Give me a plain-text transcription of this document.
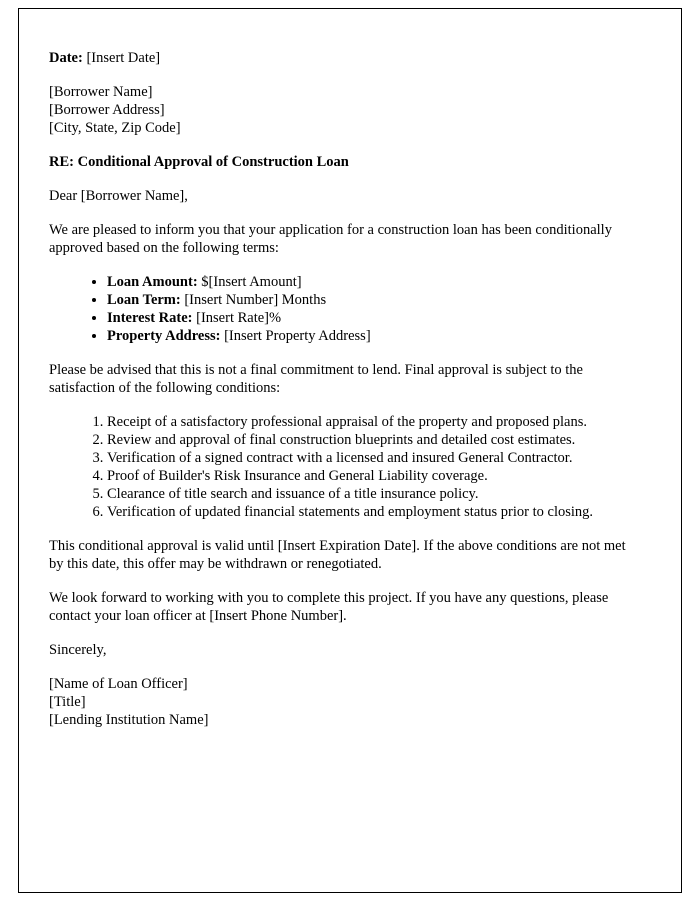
Date: [Insert Date]

[Borrower Name]
[Borrower Address]
[City, State, Zip Code]

RE: Conditional Approval of Construction Loan

Dear [Borrower Name],

We are pleased to inform you that your application for a construction loan has been conditionally approved based on the following terms:

• Loan Amount: $[Insert Amount]
• Loan Term: [Insert Number] Months
• Interest Rate: [Insert Rate]%
• Property Address: [Insert Property Address]

Please be advised that this is not a final commitment to lend. Final approval is subject to the satisfaction of the following conditions:

1. Receipt of a satisfactory professional appraisal of the property and proposed plans.
2. Review and approval of final construction blueprints and detailed cost estimates.
3. Verification of a signed contract with a licensed and insured General Contractor.
4. Proof of Builder's Risk Insurance and General Liability coverage.
5. Clearance of title search and issuance of a title insurance policy.
6. Verification of updated financial statements and employment status prior to closing.

This conditional approval is valid until [Insert Expiration Date]. If the above conditions are not met by this date, this offer may be withdrawn or renegotiated.

We look forward to working with you to complete this project. If you have any questions, please contact your loan officer at [Insert Phone Number].

Sincerely,

[Name of Loan Officer]
[Title]
[Lending Institution Name]
